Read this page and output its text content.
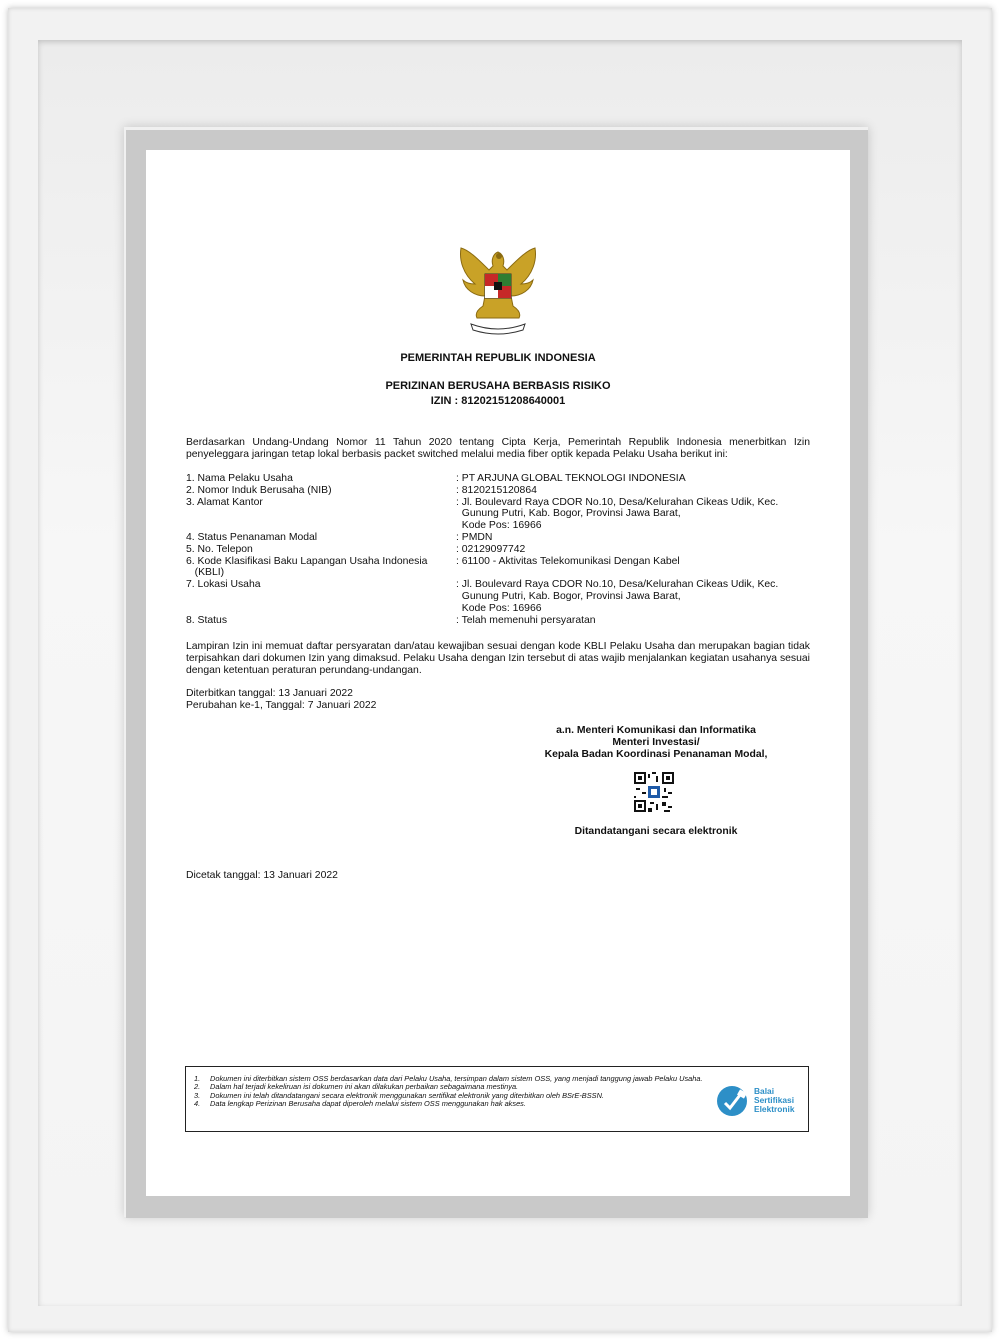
PEMERINTAH REPUBLIK INDONESIA
PERIZINAN BERUSAHA BERBASIS RISIKO
IZIN : 81202151208640001
Berdasarkan Undang-Undang Nomor 11 Tahun 2020 tentang Cipta Kerja, Pemerintah Republik Indonesia menerbitkan Izin penyeleggara jaringan tetap lokal berbasis packet switched melalui media fiber optik kepada Pelaku Usaha berikut ini:
1. Nama Pelaku Usaha	: PT ARJUNA GLOBAL TEKNOLOGI INDONESIA
2. Nomor Induk Berusaha (NIB)	: 8120215120864
3. Alamat Kantor	: Jl. Boulevard Raya CDOR No.10, Desa/Kelurahan Cikeas Udik, Kec.
Gunung Putri, Kab. Bogor, Provinsi Jawa Barat,
Kode Pos: 16966
4. Status Penanaman Modal	: PMDN
5. No. Telepon	: 02129097742
6. Kode Klasifikasi Baku Lapangan Usaha Indonesia	: 61100 - Aktivitas Telekomunikasi Dengan Kabel
(KBLI)
7. Lokasi Usaha	: Jl. Boulevard Raya CDOR No.10, Desa/Kelurahan Cikeas Udik, Kec.
Gunung Putri, Kab. Bogor, Provinsi Jawa Barat,
Kode Pos: 16966
8. Status	: Telah memenuhi persyaratan
Lampiran Izin ini memuat daftar persyaratan dan/atau kewajiban sesuai dengan kode KBLI Pelaku Usaha dan merupakan bagian tidak terpisahkan dari dokumen Izin yang dimaksud. Pelaku Usaha dengan Izin tersebut di atas wajib menjalankan kegiatan usahanya sesuai dengan ketentuan peraturan perundang-undangan.
Diterbitkan tanggal: 13 Januari 2022
Perubahan ke-1, Tanggal: 7 Januari 2022
a.n. Menteri Komunikasi dan Informatika
Menteri Investasi/
Kepala Badan Koordinasi Penanaman Modal,
Ditandatangani secara elektronik
Dicetak tanggal: 13 Januari 2022
1.	Dokumen ini diterbitkan sistem OSS berdasarkan data dari Pelaku Usaha, tersimpan dalam sistem OSS, yang menjadi tanggung jawab Pelaku Usaha.
2.	Dalam hal terjadi kekeliruan isi dokumen ini akan dilakukan perbaikan sebagaimana mestinya.
3.	Dokumen ini telah ditandatangani secara elektronik menggunakan sertifikat elektronik yang diterbitkan oleh BSrE-BSSN.
4.	Data lengkap Perizinan Berusaha dapat diperoleh melalui sistem OSS menggunakan hak akses.
Balai
Sertifikasi
Elektronik
